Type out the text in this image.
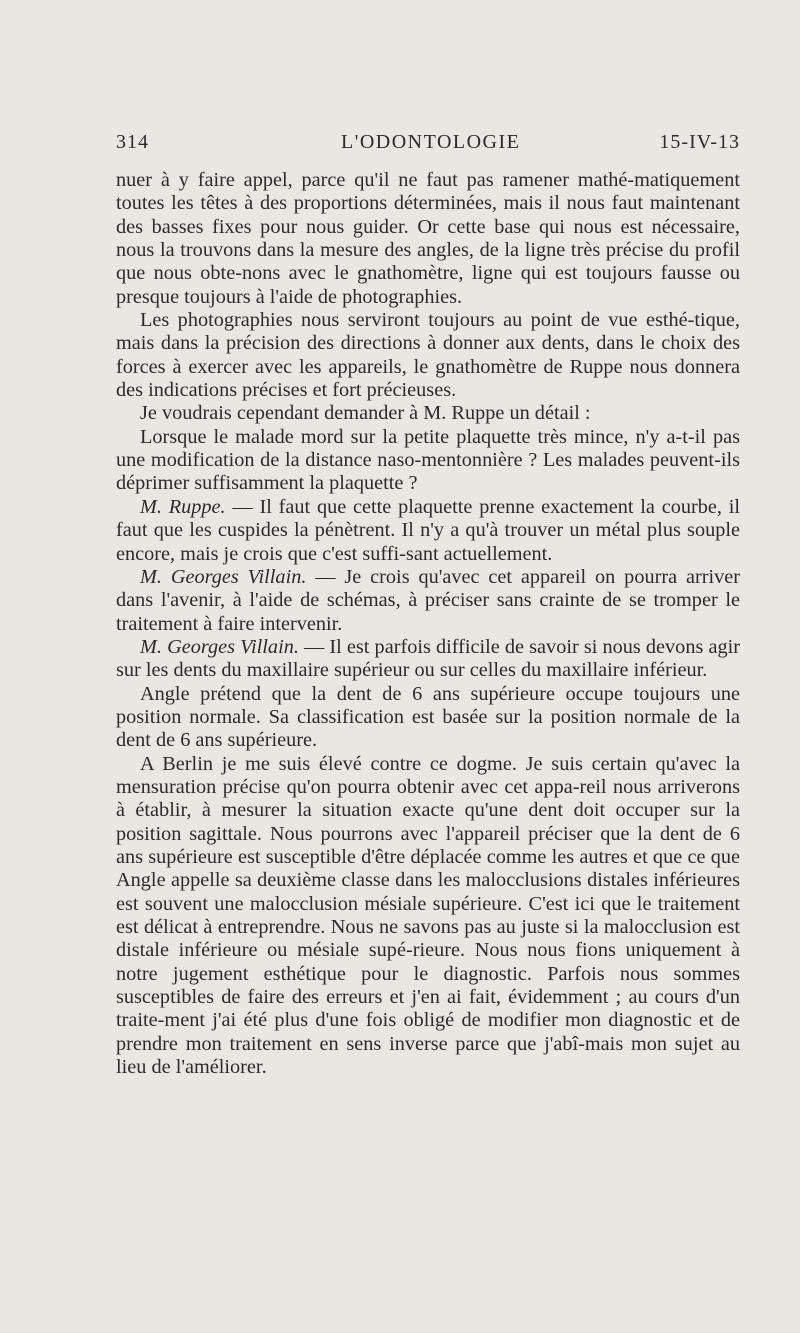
314	L'ODONTOLOGIE	15-IV-13

nuer à y faire appel, parce qu'il ne faut pas ramener mathé-matiquement toutes les têtes à des proportions déterminées, mais il nous faut maintenant des basses fixes pour nous guider. Or cette base qui nous est nécessaire, nous la trouvons dans la mesure des angles, de la ligne très précise du profil que nous obte-nons avec le gnathomètre, ligne qui est toujours fausse ou presque toujours à l'aide de photographies.

Les photographies nous serviront toujours au point de vue esthé-tique, mais dans la précision des directions à donner aux dents, dans le choix des forces à exercer avec les appareils, le gnathomètre de Ruppe nous donnera des indications précises et fort précieuses.

Je voudrais cependant demander à M. Ruppe un détail :

Lorsque le malade mord sur la petite plaquette très mince, n'y a-t-il pas une modification de la distance naso-mentonnière ? Les malades peuvent-ils déprimer suffisamment la plaquette ?

M. Ruppe. — Il faut que cette plaquette prenne exactement la courbe, il faut que les cuspides la pénètrent. Il n'y a qu'à trouver un métal plus souple encore, mais je crois que c'est suffi-sant actuellement.

M. Georges Villain. — Je crois qu'avec cet appareil on pourra arriver dans l'avenir, à l'aide de schémas, à préciser sans crainte de se tromper le traitement à faire intervenir.

M. Georges Villain. — Il est parfois difficile de savoir si nous devons agir sur les dents du maxillaire supérieur ou sur celles du maxillaire inférieur.

Angle prétend que la dent de 6 ans supérieure occupe toujours une position normale. Sa classification est basée sur la position normale de la dent de 6 ans supérieure.

A Berlin je me suis élevé contre ce dogme. Je suis certain qu'avec la mensuration précise qu'on pourra obtenir avec cet appa-reil nous arriverons à établir, à mesurer la situation exacte qu'une dent doit occuper sur la position sagittale. Nous pourrons avec l'appareil préciser que la dent de 6 ans supérieure est susceptible d'être déplacée comme les autres et que ce que Angle appelle sa deuxième classe dans les malocclusions distales inférieures est souvent une malocclusion mésiale supérieure. C'est ici que le traitement est délicat à entreprendre. Nous ne savons pas au juste si la malocclusion est distale inférieure ou mésiale supé-rieure. Nous nous fions uniquement à notre jugement esthétique pour le diagnostic. Parfois nous sommes susceptibles de faire des erreurs et j'en ai fait, évidemment ; au cours d'un traite-ment j'ai été plus d'une fois obligé de modifier mon diagnostic et de prendre mon traitement en sens inverse parce que j'abî-mais mon sujet au lieu de l'améliorer.
